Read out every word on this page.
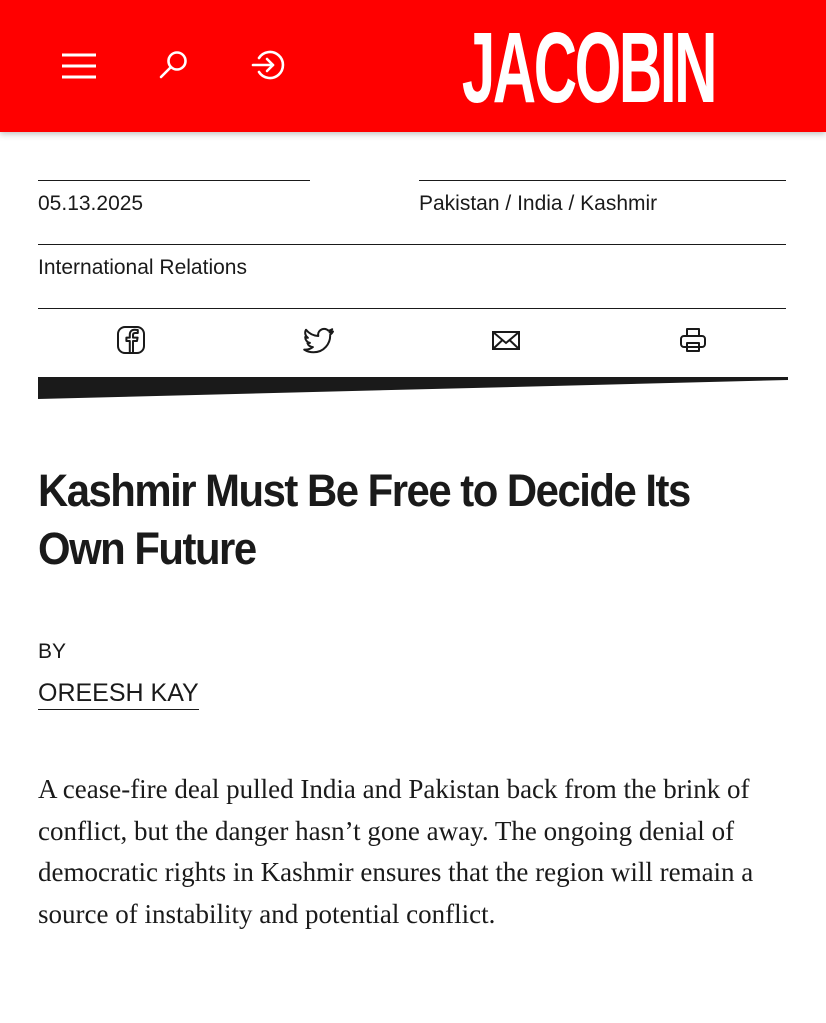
JACOBIN
05.13.2025	Pakistan / India / Kashmir
International Relations
Kashmir Must Be Free to Decide Its Own Future
BY
OREESH KAY

A cease-fire deal pulled India and Pakistan back from the brink of conflict, but the danger hasn’t gone away. The ongoing denial of democratic rights in Kashmir ensures that the region will remain a source of instability and potential conflict.
